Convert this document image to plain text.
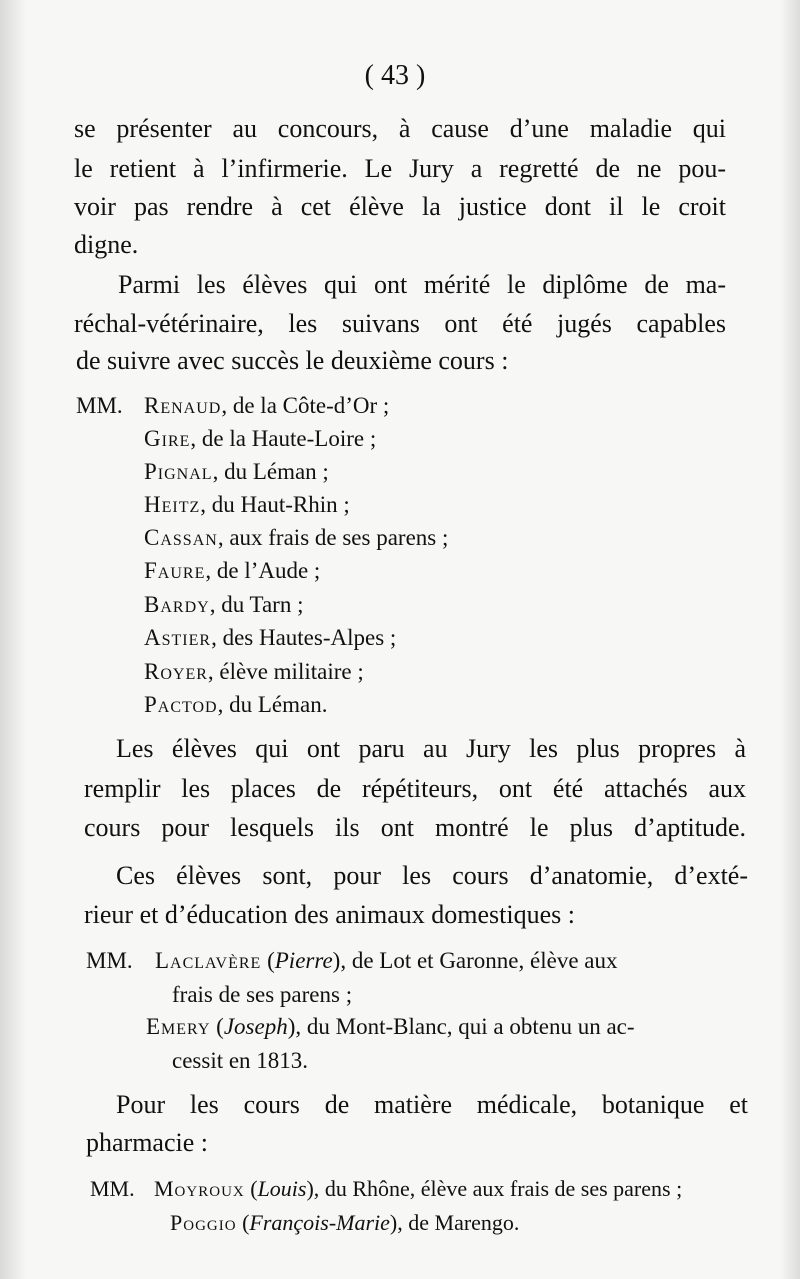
( 43 )
se présenter au concours, à cause d’une maladie qui
le retient à l’infirmerie. Le Jury a regretté de ne pou-
voir pas rendre à cet élève la justice dont il le croit
digne.
Parmi les élèves qui ont mérité le diplôme de ma-
réchal-vétérinaire, les suivans ont été jugés capables
de suivre avec succès le deuxième cours :
MM. Renaud, de la Côte-d’Or ;
Gire, de la Haute-Loire ;
Pignal, du Léman ;
Heitz, du Haut-Rhin ;
Cassan, aux frais de ses parens ;
Faure, de l’Aude ;
Bardy, du Tarn ;
Astier, des Hautes-Alpes ;
Royer, élève militaire ;
Pactod, du Léman.
Les élèves qui ont paru au Jury les plus propres à
remplir les places de répétiteurs, ont été attachés aux
cours pour lesquels ils ont montré le plus d’aptitude.
Ces élèves sont, pour les cours d’anatomie, d’exté-
rieur et d’éducation des animaux domestiques :
MM. Laclavère (Pierre), de Lot et Garonne, élève aux
frais de ses parens ;
Emery (Joseph), du Mont-Blanc, qui a obtenu un ac-
cessit en 1813.
Pour les cours de matière médicale, botanique et
pharmacie :
MM. Moyroux (Louis), du Rhône, élève aux frais de ses parens ;
Poggio (François-Marie), de Marengo.
